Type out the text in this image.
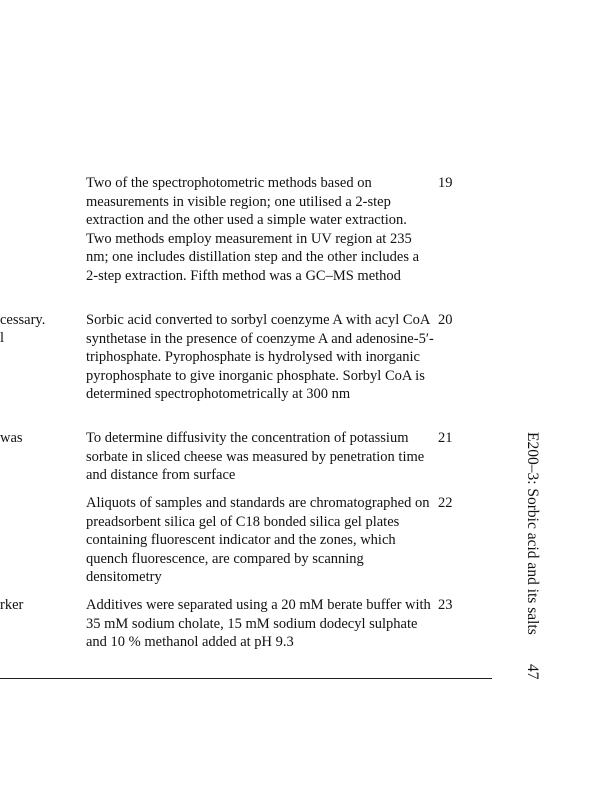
cessary.
l
was
rker

Two of the spectrophotometric methods based on measurements in visible region; one utilised a 2-step extraction and the other used a simple water extraction. Two methods employ measurement in UV region at 235 nm; one includes distillation step and the other includes a 2-step extraction. Fifth method was a GC–MS method

19

Sorbic acid converted to sorbyl coenzyme A with acyl CoA synthetase in the presence of coenzyme A and adenosine-5′-triphosphate. Pyrophosphate is hydrolysed with inorganic pyrophosphate to give inorganic phosphate. Sorbyl CoA is determined spectrophotometrically at 300 nm

20

To determine diffusivity the concentration of potassium sorbate in sliced cheese was measured by penetration time and distance from surface

21

Aliquots of samples and standards are chromatographed on preadsorbent silica gel of C18 bonded silica gel plates containing fluorescent indicator and the zones, which quench fluorescence, are compared by scanning densitometry

22

Additives were separated using a 20 mM berate buffer with 35 mM sodium cholate, 15 mM sodium dodecyl sulphate and 10 % methanol added at pH 9.3

23	E200–3: Sorbic acid and its salts
47
